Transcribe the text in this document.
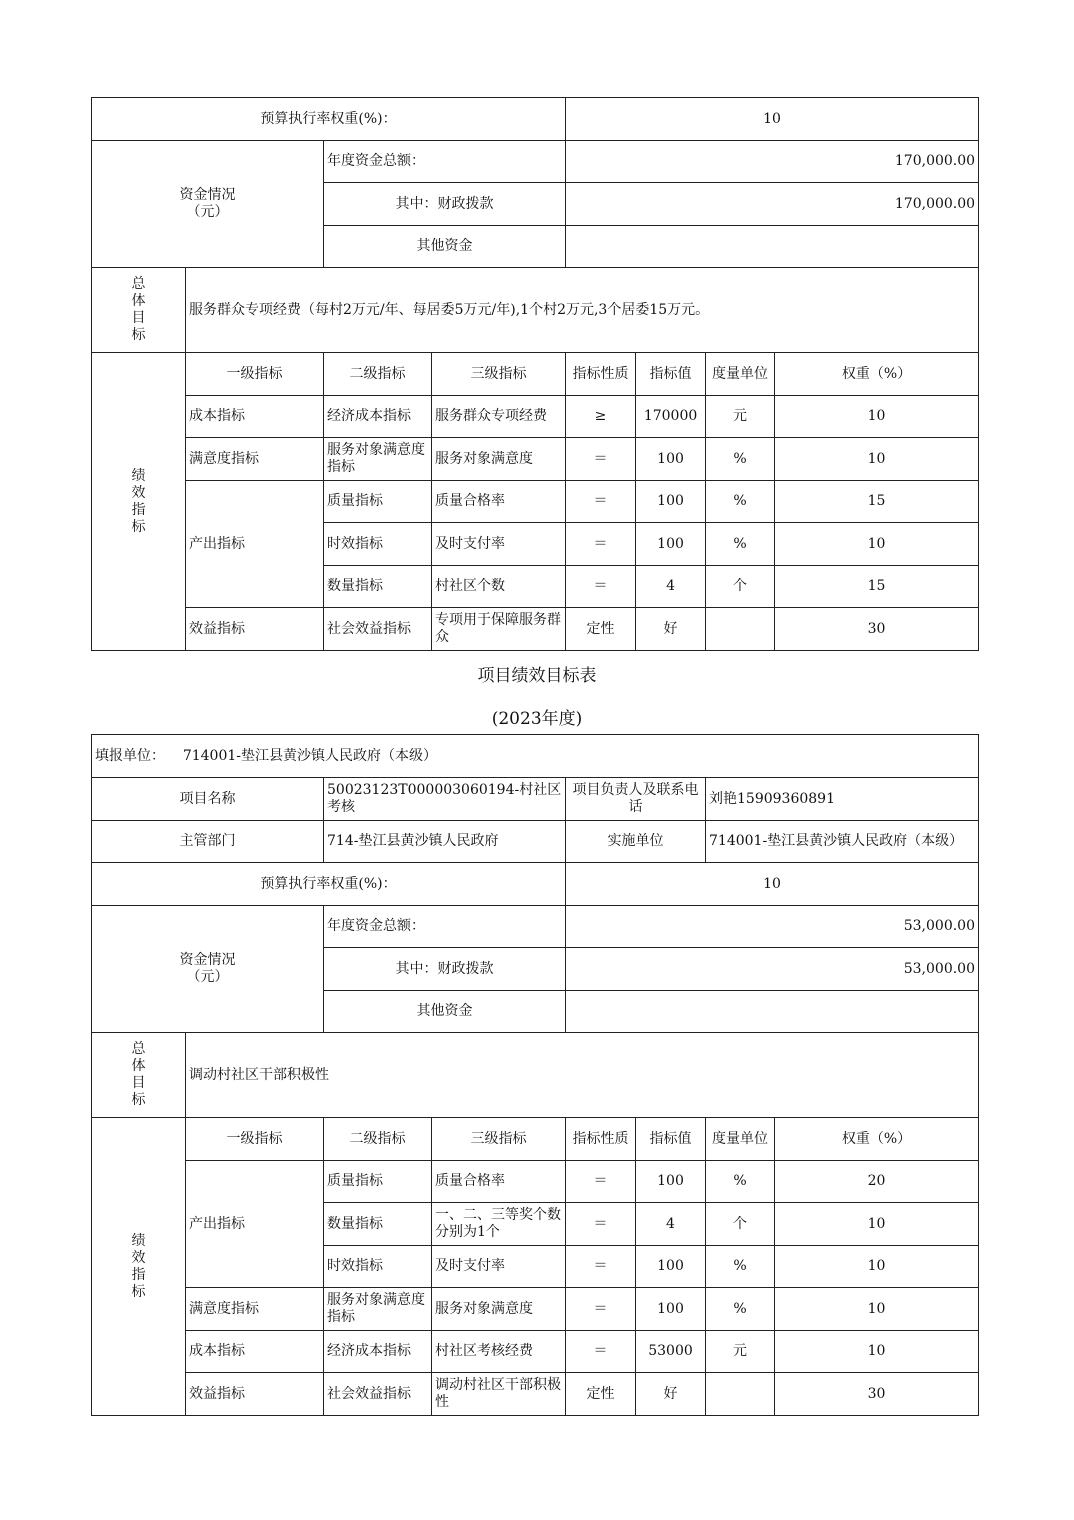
预算执行率权重(%)：				10			

资金情况
（元）		年度资金总额：		170,000.00			
		其中：财政拨款		170,000.00			
		其他资金					

总
体
目
标	服务群众专项经费（每村2万元/年、每居委5万元/年),1个村2万元,3个居委15万元。						

绩
效
指
标	一级指标	二级指标	三级指标	指标性质	指标值	度量单位	权重（%）
	成本指标	经济成本指标	服务群众专项经费	≥	170000	元	10
	满意度指标	服务对象满意度指标	服务对象满意度	＝	100	%	10
	产出指标	质量指标	质量合格率	＝	100	%	15
		时效指标	及时支付率	＝	100	%	10
		数量指标	村社区个数	＝	4	个	15
	效益指标	社会效益指标	专项用于保障服务群众	定性	好		30
项目绩效目标表
(2023年度)
填报单位： 714001-垫江县黄沙镇人民政府（本级）							
项目名称		50023123T000003060194-村社区考核		项目负责人及联系电话		刘艳15909360891	
主管部门		714-垫江县黄沙镇人民政府		实施单位		714001-垫江县黄沙镇人民政府（本级）	
预算执行率权重(%)：				10			

资金情况
（元）		年度资金总额：		53,000.00			
		其中：财政拨款		53,000.00			
		其他资金					

总
体
目
标	调动村社区干部积极性						

绩
效
指
标	一级指标	二级指标	三级指标	指标性质	指标值	度量单位	权重（%）
	产出指标	质量指标	质量合格率	＝	100	%	20
		数量指标	一、二、三等奖个数分别为1个	＝	4	个	10
		时效指标	及时支付率	＝	100	%	10
	满意度指标	服务对象满意度指标	服务对象满意度	＝	100	%	10
	成本指标	经济成本指标	村社区考核经费	＝	53000	元	10
	效益指标	社会效益指标	调动村社区干部积极性	定性	好		30
